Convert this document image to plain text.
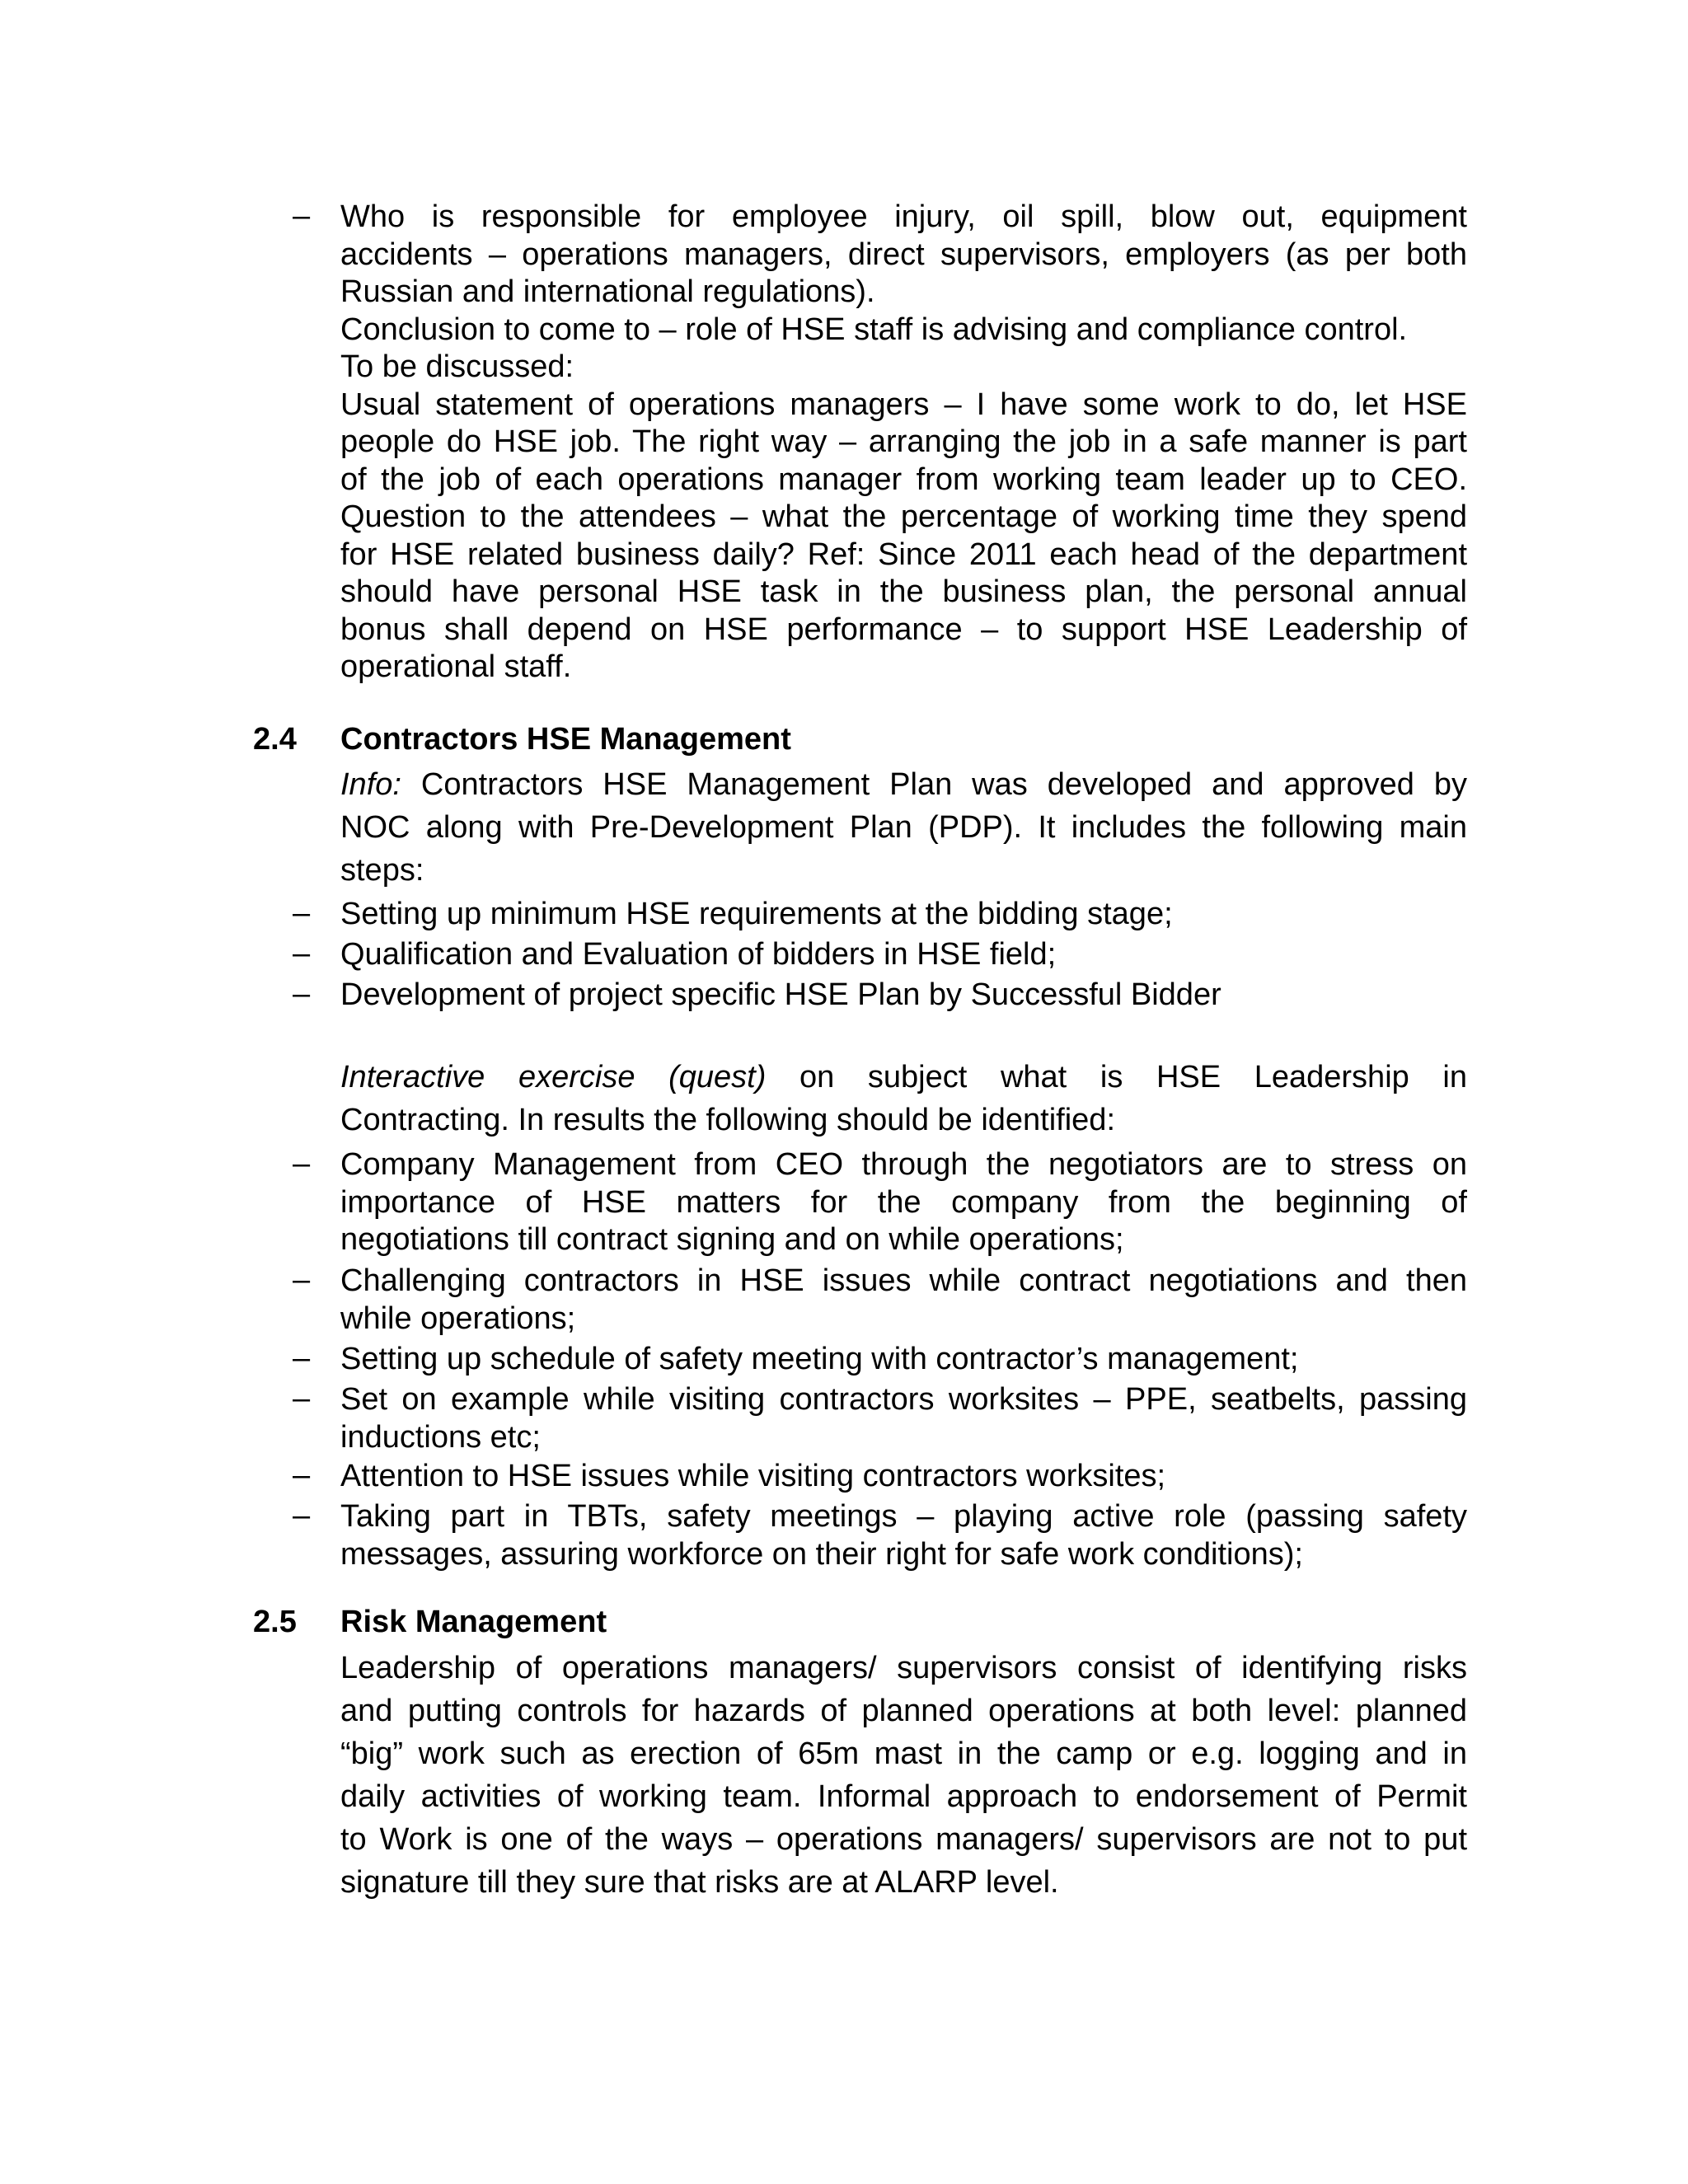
– Who is responsible for employee injury, oil spill, blow out, equipment

accidents – operations managers, direct supervisors, employers (as per both

Russian and international regulations).

Conclusion to come to – role of HSE staff is advising and compliance control.

To be discussed:

Usual statement of operations managers – I have some work to do, let HSE

people do HSE job. The right way – arranging the job in a safe manner is part

of the job of each operations manager from working team leader up to CEO.

Question to the attendees – what the percentage of working time they spend

for HSE related business daily? Ref: Since 2011 each head of the department

should have personal HSE task in the business plan, the personal annual

bonus shall depend on HSE performance – to support HSE Leadership of

operational staff.

2.4 Contractors HSE Management

Info: Contractors HSE Management Plan was developed and approved by

NOC along with Pre-Development Plan (PDP). It includes the following main

steps:

– Setting up minimum HSE requirements at the bidding stage;

– Qualification and Evaluation of bidders in HSE field;

– Development of project specific HSE Plan by Successful Bidder

Interactive exercise (quest) on subject what is HSE Leadership in

Contracting. In results the following should be identified:

– Company Management from CEO through the negotiators are to stress on

importance of HSE matters for the company from the beginning of

negotiations till contract signing and on while operations;

– Challenging contractors in HSE issues while contract negotiations and then

while operations;

– Setting up schedule of safety meeting with contractor’s management;

– Set on example while visiting contractors worksites – PPE, seatbelts, passing

inductions etc;

– Attention to HSE issues while visiting contractors worksites;

– Taking part in TBTs, safety meetings – playing active role (passing safety

messages, assuring workforce on their right for safe work conditions);

2.5 Risk Management

Leadership of operations managers/ supervisors consist of identifying risks

and putting controls for hazards of planned operations at both level: planned

“big” work such as erection of 65m mast in the camp or e.g. logging and in

daily activities of working team. Informal approach to endorsement of Permit

to Work is one of the ways – operations managers/ supervisors are not to put

signature till they sure that risks are at ALARP level.
